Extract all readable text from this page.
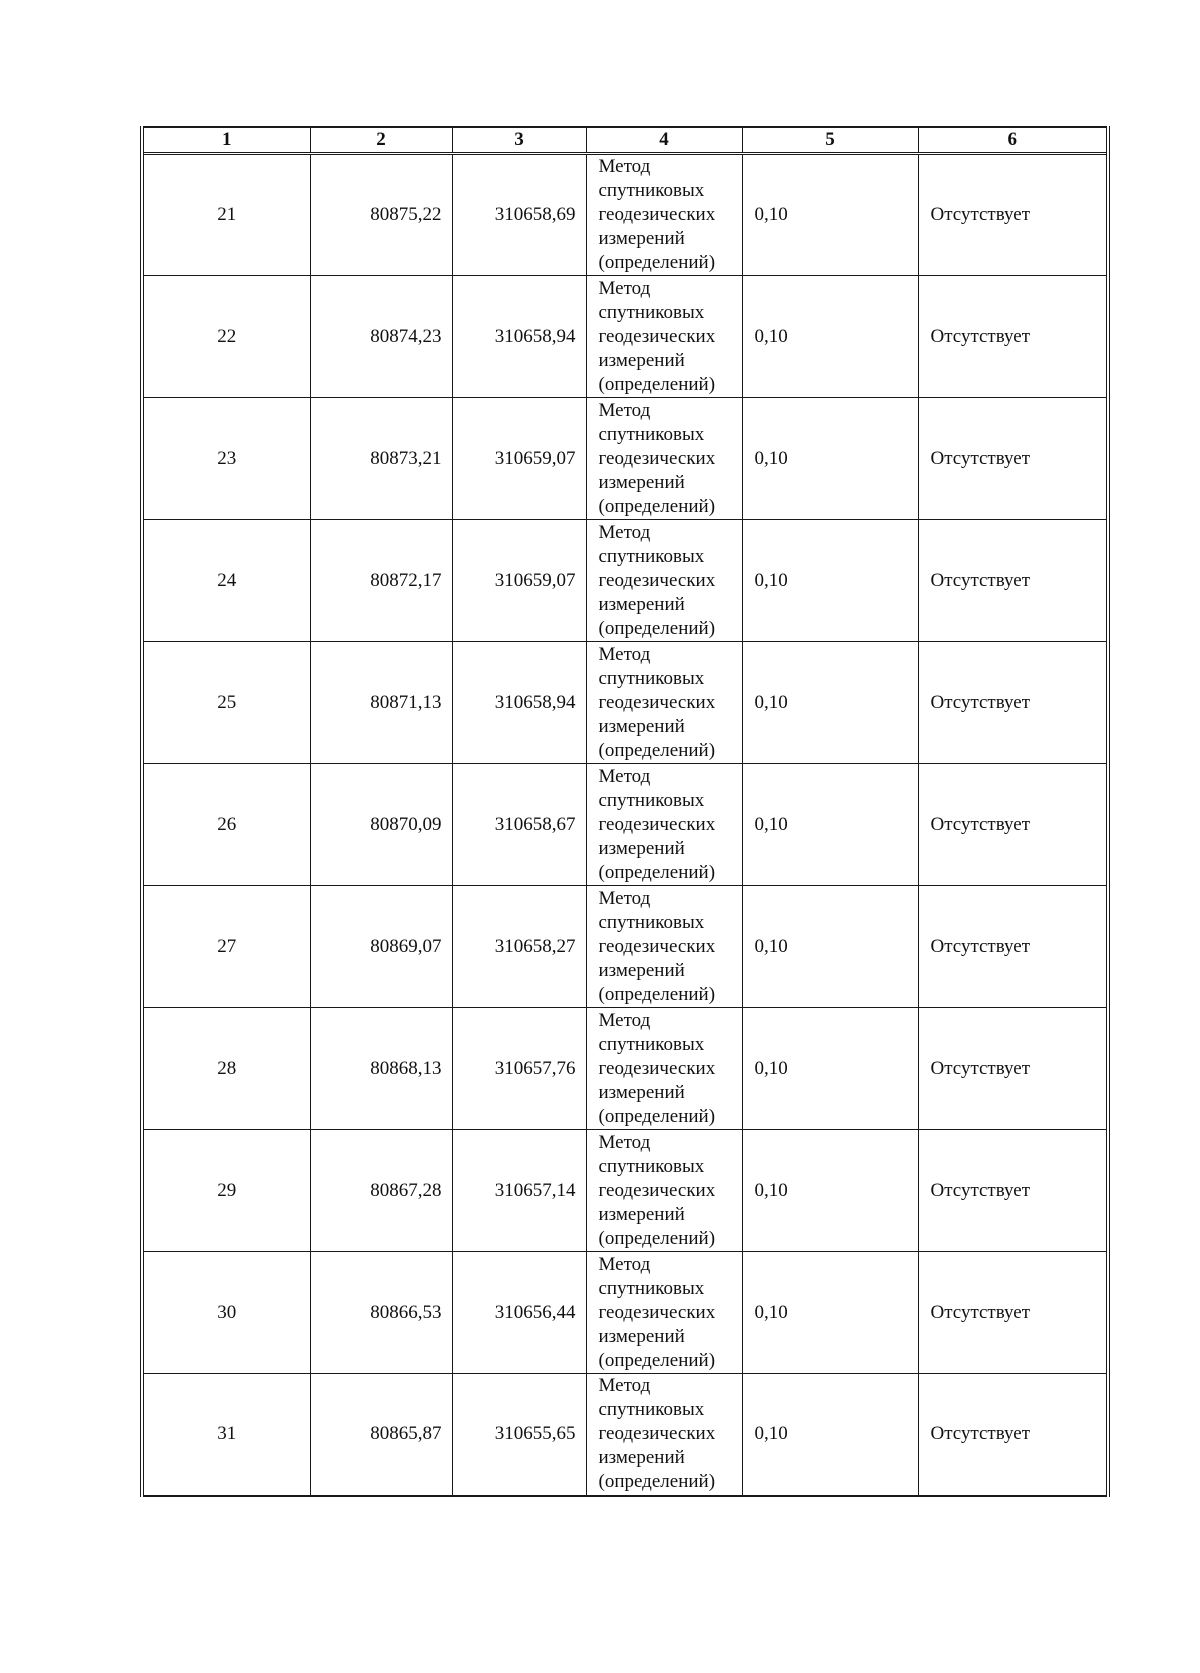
1	2	3	4	5	6
21	80875,22	310658,69	Метод
спутниковых
геодезических
измерений
(определений)	0,10	Отсутствует
22	80874,23	310658,94	Метод
спутниковых
геодезических
измерений
(определений)	0,10	Отсутствует
23	80873,21	310659,07	Метод
спутниковых
геодезических
измерений
(определений)	0,10	Отсутствует
24	80872,17	310659,07	Метод
спутниковых
геодезических
измерений
(определений)	0,10	Отсутствует
25	80871,13	310658,94	Метод
спутниковых
геодезических
измерений
(определений)	0,10	Отсутствует
26	80870,09	310658,67	Метод
спутниковых
геодезических
измерений
(определений)	0,10	Отсутствует
27	80869,07	310658,27	Метод
спутниковых
геодезических
измерений
(определений)	0,10	Отсутствует
28	80868,13	310657,76	Метод
спутниковых
геодезических
измерений
(определений)	0,10	Отсутствует
29	80867,28	310657,14	Метод
спутниковых
геодезических
измерений
(определений)	0,10	Отсутствует
30	80866,53	310656,44	Метод
спутниковых
геодезических
измерений
(определений)	0,10	Отсутствует
31	80865,87	310655,65	Метод
спутниковых
геодезических
измерений
(определений)	0,10	Отсутствует
